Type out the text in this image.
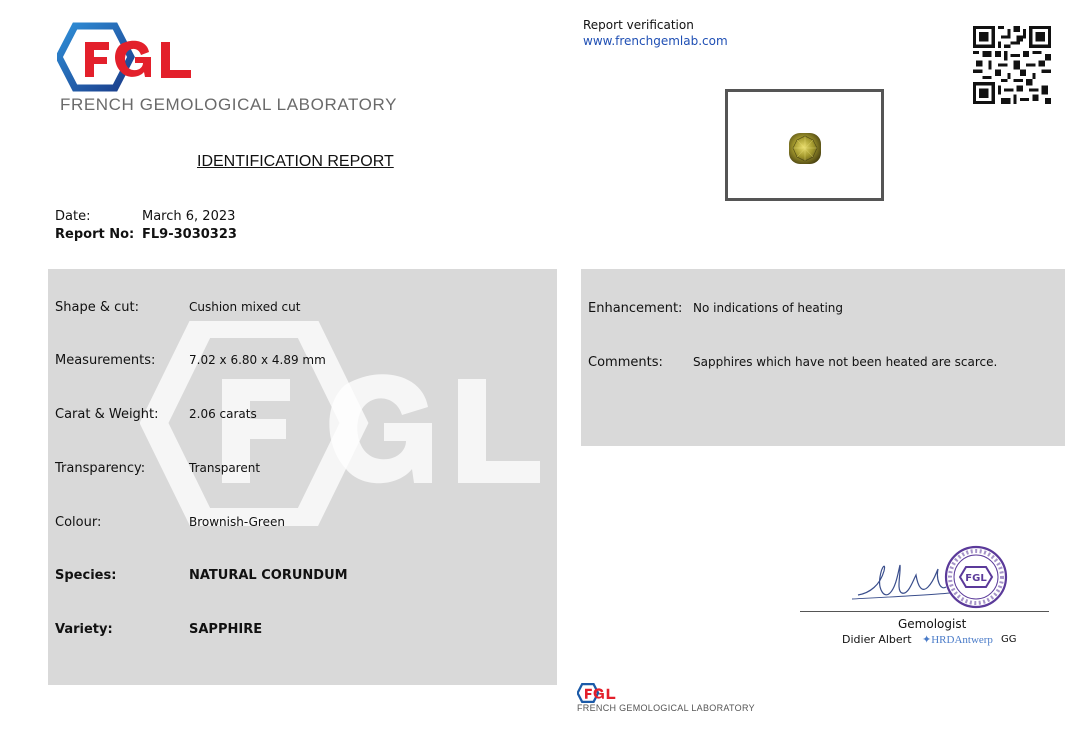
FRENCH GEMOLOGICAL LABORATORY
IDENTIFICATION REPORT
Date:	March 6, 2023
Report No: FL9-3030323
Report verification
www.frenchgemlab.com
Shape & cut:	Cushion mixed cut
Measurements:	7.02 x 6.80 x 4.89 mm
Carat & Weight:	2.06 carats
Transparency:	Transparent
Colour:	Brownish-Green
Species:	NATURAL CORUNDUM
Variety:	SAPPHIRE
Enhancement: No indications of heating
Comments:	Sapphires which have not been heated are scarce.
FGL
Gemologist
Didier Albert ✦HRDAntwerp GG
FRENCH GEMOLOGICAL LABORATORY
